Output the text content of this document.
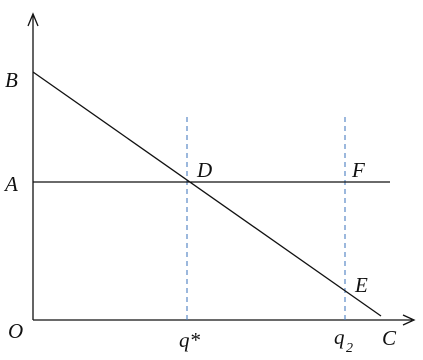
B
A
O
D	F
E
C
q*	q 2
